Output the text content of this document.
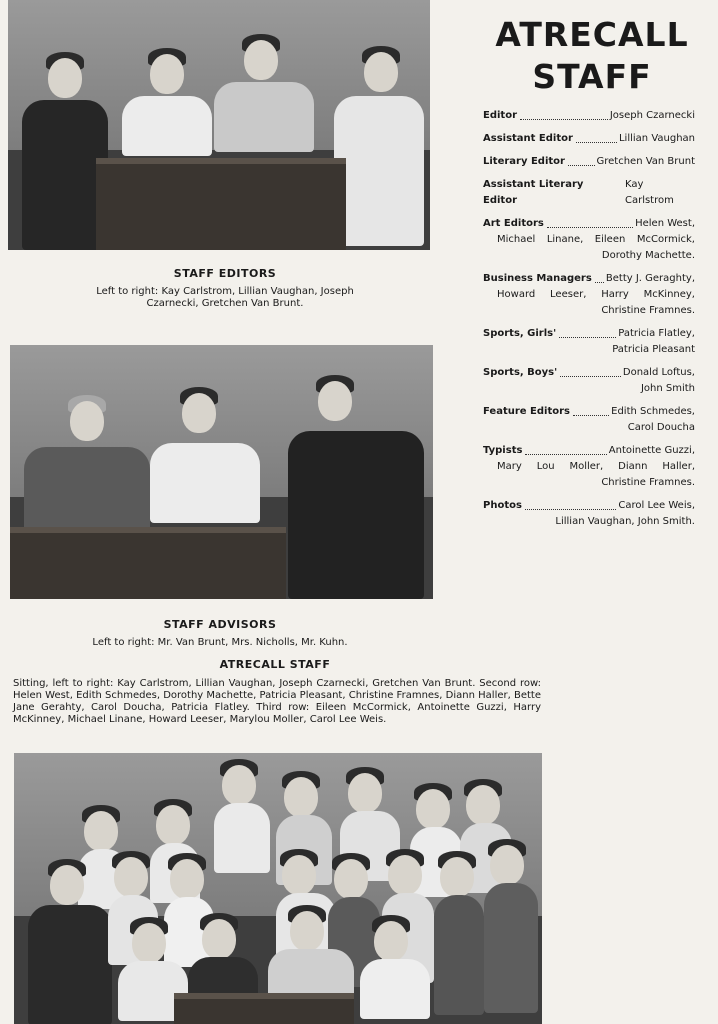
ATRECALL

STAFF

Editor	Joseph Czarnecki
Assistant Editor	Lillian Vaughan
Literary Editor	Gretchen Van Brunt
Assistant Literary Editor
Kay Carlstrom
Art Editors	Helen West,
Michael Linane, Eileen McCormick, Dorothy Machette.
Business Managers Betty J. Geraghty,
Howard Leeser, Harry McKinney, Christine Framnes.
Sports, Girls'	Patricia Flatley,
Patricia Pleasant
Sports, Boys'	Donald Loftus,
John Smith
Feature Editors	Edith Schmedes,
Carol Doucha
Typists	Antoinette Guzzi,
Mary Lou Moller, Diann Haller, Christine Framnes.
Photos	Carol Lee Weis,
Lillian Vaughan, John Smith.
STAFF EDITORS
Left to right: Kay Carlstrom, Lillian Vaughan, Joseph Czarnecki, Gretchen Van Brunt.
STAFF ADVISORS
Left to right: Mr. Van Brunt, Mrs. Nicholls, Mr. Kuhn.
ATRECALL STAFF
Sitting, left to right: Kay Carlstrom, Lillian Vaughan, Joseph Czarnecki, Gretchen Van Brunt. Second row: Helen West, Edith Schmedes, Dorothy Machette, Patricia Pleasant, Christine Framnes, Diann Haller, Bette Jane Gerahty, Carol Doucha, Patricia Flatley. Third row: Eileen McCormick, Antoinette Guzzi, Harry McKinney, Michael Linane, Howard Leeser, Marylou Moller, Carol Lee Weis.
